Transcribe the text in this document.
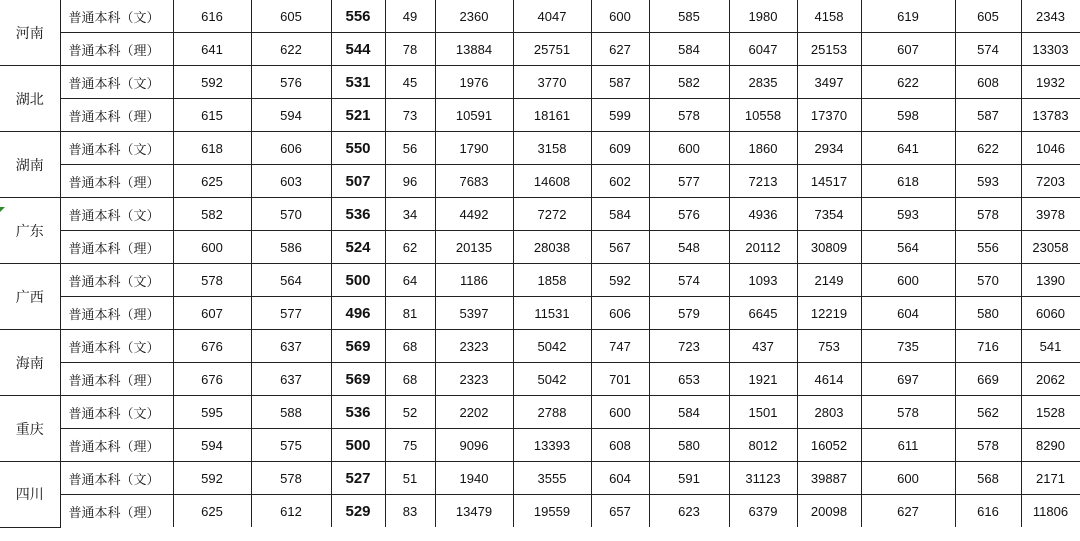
河南	普通本科（文）	616	605	556	49	2360	4047	600	585	1980	4158	619	605	2343	
	普通本科（理）	641	622	544	78	13884	25751	627	584	6047	25153	607	574	13303	
湖北	普通本科（文）	592	576	531	45	1976	3770	587	582	2835	3497	622	608	1932	
	普通本科（理）	615	594	521	73	10591	18161	599	578	10558	17370	598	587	13783	
湖南	普通本科（文）	618	606	550	56	1790	3158	609	600	1860	2934	641	622	1046	
	普通本科（理）	625	603	507	96	7683	14608	602	577	7213	14517	618	593	7203	
广东	普通本科（文）	582	570	536	34	4492	7272	584	576	4936	7354	593	578	3978	
	普通本科（理）	600	586	524	62	20135	28038	567	548	20112	30809	564	556	23058	
广西	普通本科（文）	578	564	500	64	1186	1858	592	574	1093	2149	600	570	1390	
	普通本科（理）	607	577	496	81	5397	11531	606	579	6645	12219	604	580	6060	
海南	普通本科（文）	676	637	569	68	2323	5042	747	723	437	753	735	716	541	
	普通本科（理）	676	637	569	68	2323	5042	701	653	1921	4614	697	669	2062	
重庆	普通本科（文）	595	588	536	52	2202	2788	600	584	1501	2803	578	562	1528	
	普通本科（理）	594	575	500	75	9096	13393	608	580	8012	16052	611	578	8290	
四川	普通本科（文）	592	578	527	51	1940	3555	604	591	31123	39887	600	568	2171	
	普通本科（理）	625	612	529	83	13479	19559	657	623	6379	20098	627	616	11806	
